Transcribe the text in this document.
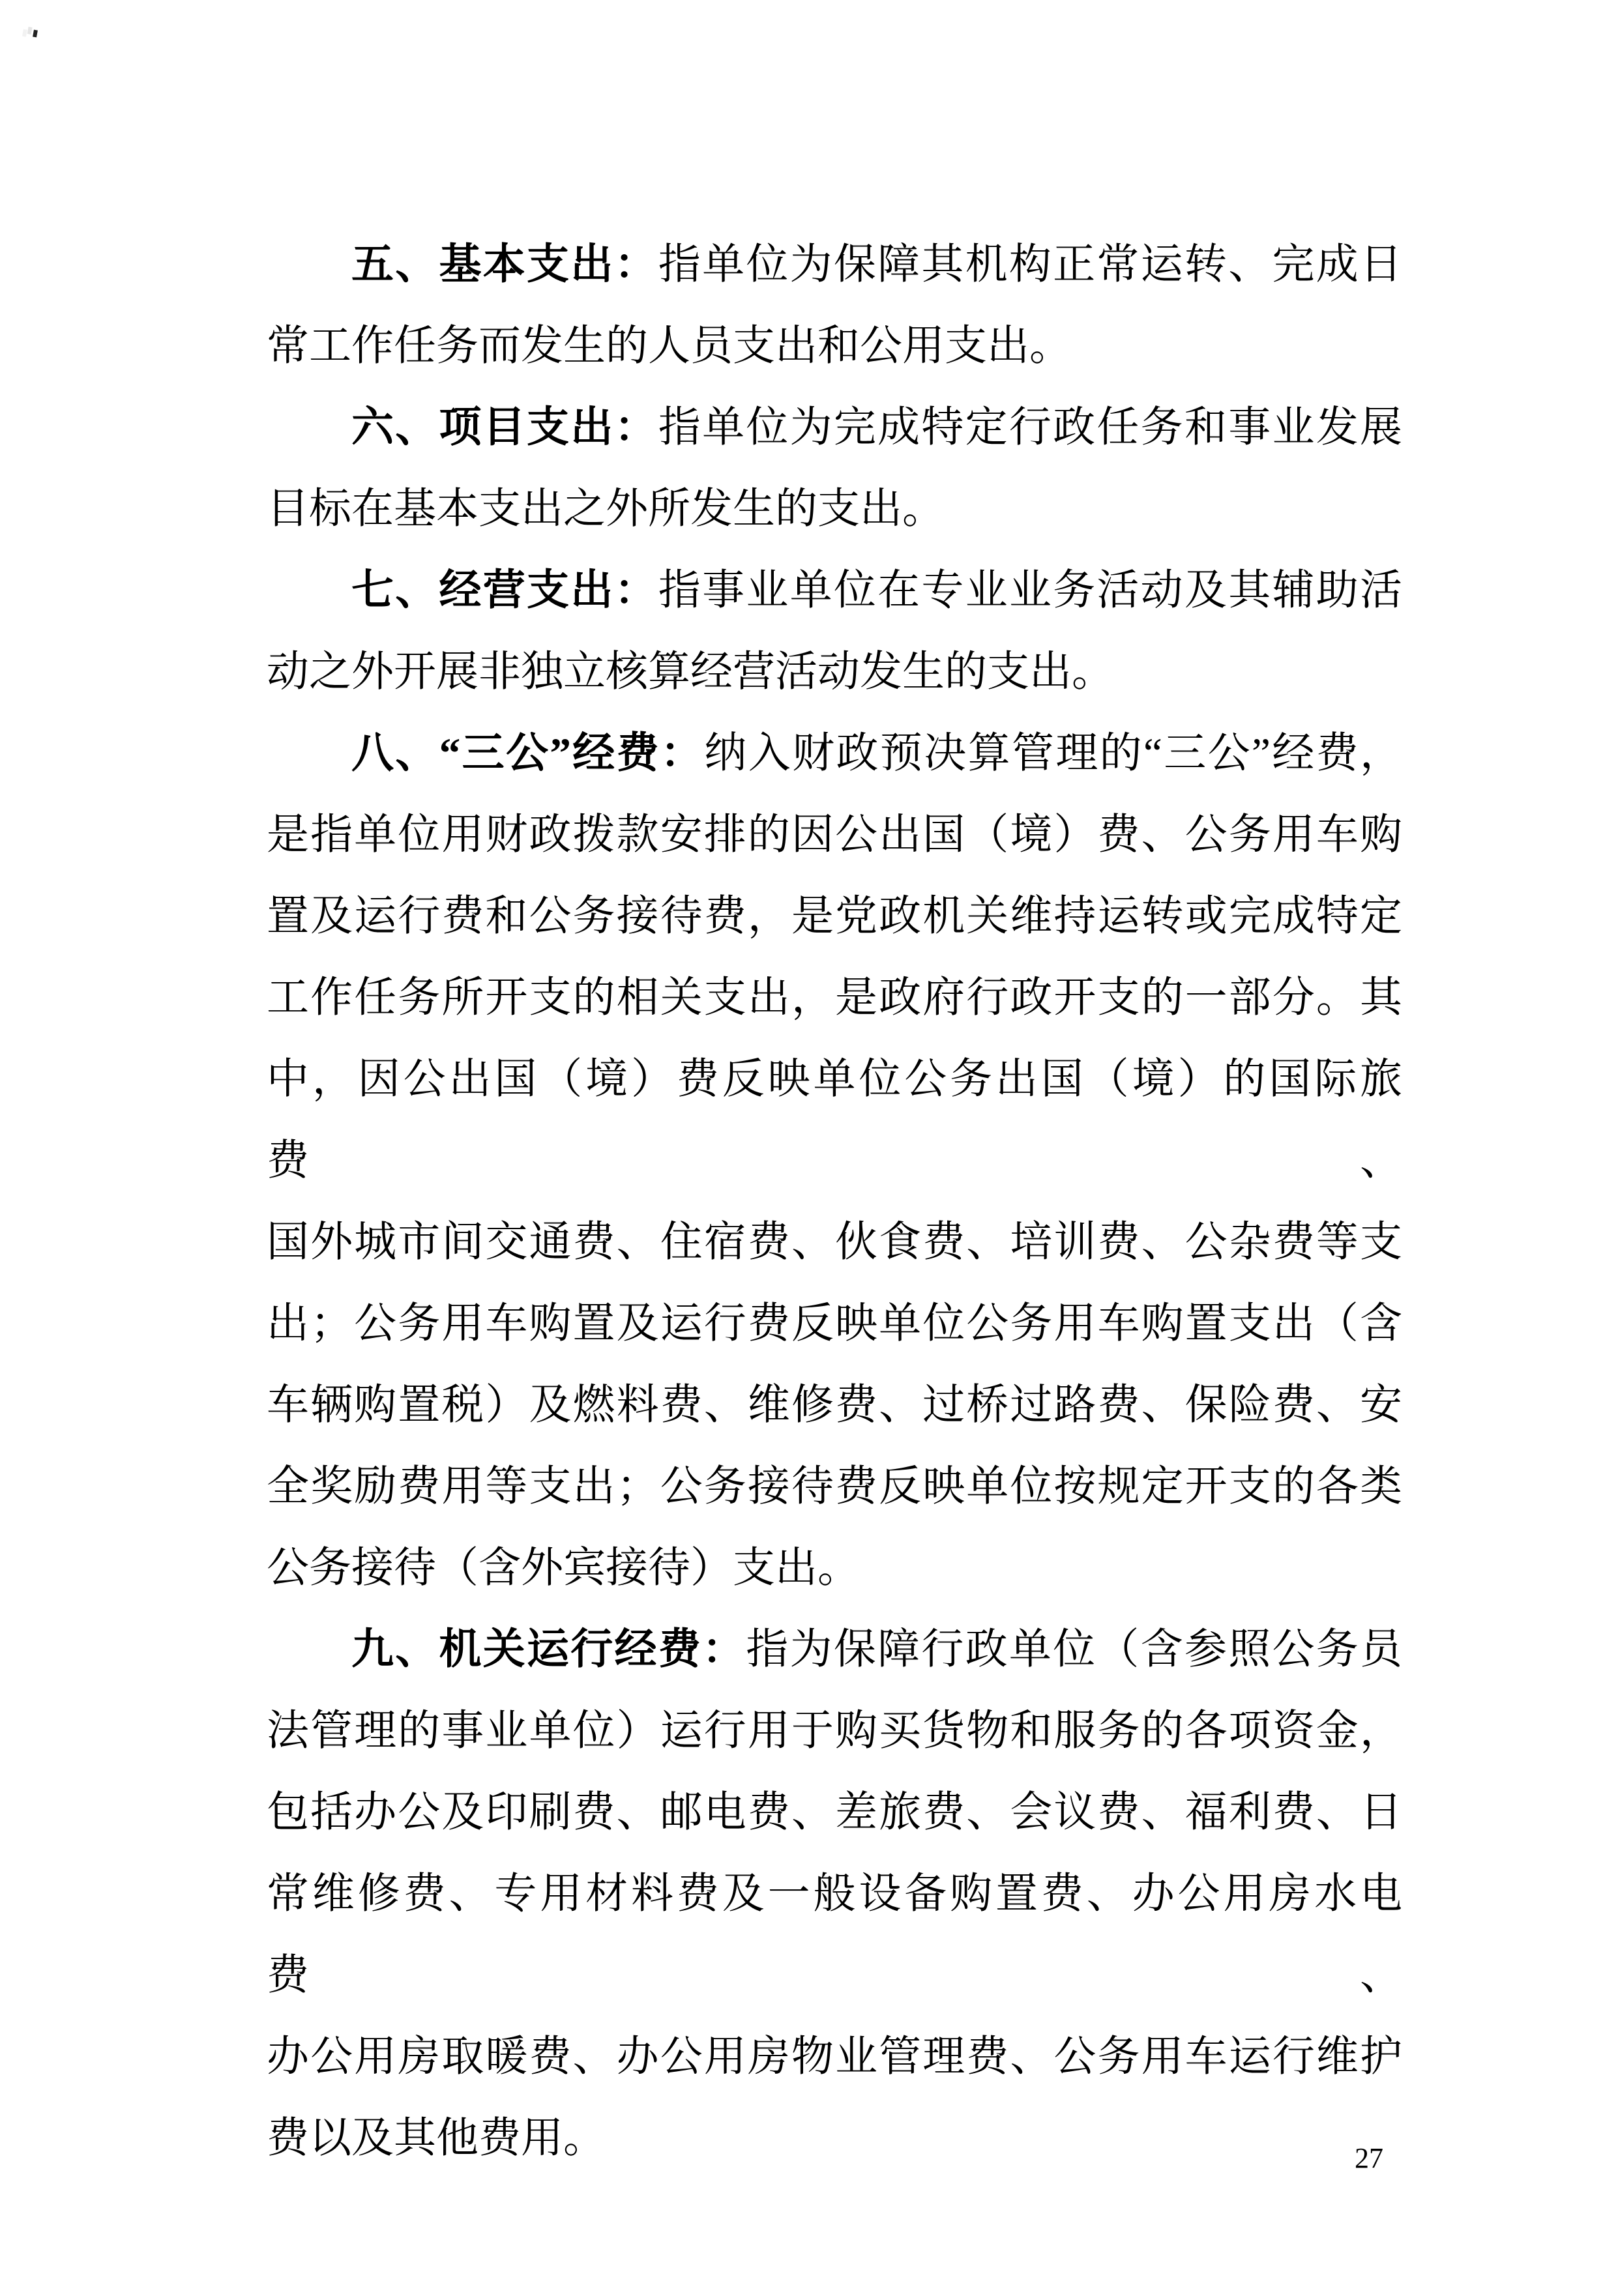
五、基本支出：指单位为保障其机构正常运转、完成日
常工作任务而发生的人员支出和公用支出。
六、项目支出：指单位为完成特定行政任务和事业发展
目标在基本支出之外所发生的支出。
七、经营支出：指事业单位在专业业务活动及其辅助活
动之外开展非独立核算经营活动发生的支出。
八、“三公”经费：纳入财政预决算管理的“三公”经费，
是指单位用财政拨款安排的因公出国（境）费、公务用车购
置及运行费和公务接待费，是党政机关维持运转或完成特定
工作任务所开支的相关支出，是政府行政开支的一部分。其
中，因公出国（境）费反映单位公务出国（境）的国际旅费、
国外城市间交通费、住宿费、伙食费、培训费、公杂费等支
出；公务用车购置及运行费反映单位公务用车购置支出（含
车辆购置税）及燃料费、维修费、过桥过路费、保险费、安
全奖励费用等支出；公务接待费反映单位按规定开支的各类
公务接待（含外宾接待）支出。
九、机关运行经费：指为保障行政单位（含参照公务员
法管理的事业单位）运行用于购买货物和服务的各项资金，
包括办公及印刷费、邮电费、差旅费、会议费、福利费、日
常维修费、专用材料费及一般设备购置费、办公用房水电费、
办公用房取暖费、办公用房物业管理费、公务用车运行维护
费以及其他费用。	27
